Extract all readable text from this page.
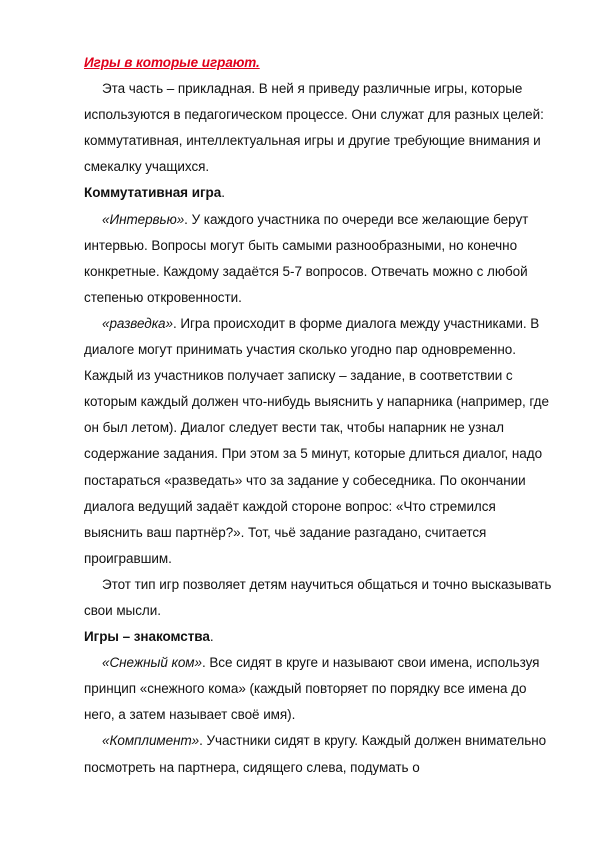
Игры в которые играют.

Эта часть – прикладная. В ней я приведу различные игры, которые используются в педагогическом процессе. Они служат для разных целей: коммутативная, интеллектуальная игры и другие требующие внимания и смекалку учащихся.

Коммутативная игра.

«Интервью». У каждого участника по очереди все желающие берут интервью. Вопросы могут быть самыми разнообразными, но конечно конкретные. Каждому задаётся 5-7 вопросов. Отвечать можно с любой степенью откровенности.

«разведка». Игра происходит в форме диалога между участниками. В диалоге могут принимать участия сколько угодно пар одновременно. Каждый из участников получает записку – задание, в соответствии с которым каждый должен что-нибудь выяснить у напарника (например, где он был летом). Диалог следует вести так, чтобы напарник не узнал содержание задания. При этом за 5 минут, которые длиться диалог, надо постараться «разведать» что за задание у собеседника. По окончании диалога ведущий задаёт каждой стороне вопрос: «Что стремился выяснить ваш партнёр?». Тот, чьё задание разгадано, считается проигравшим.

Этот тип игр позволяет детям научиться общаться и точно высказывать свои мысли.

Игры – знакомства.

«Снежный ком». Все сидят в круге и называют свои имена, используя принцип «снежного кома» (каждый повторяет по порядку все имена до него, а затем называет своё имя).

«Комплимент». Участники сидят в кругу. Каждый должен внимательно посмотреть на партнера, сидящего слева, подумать о
